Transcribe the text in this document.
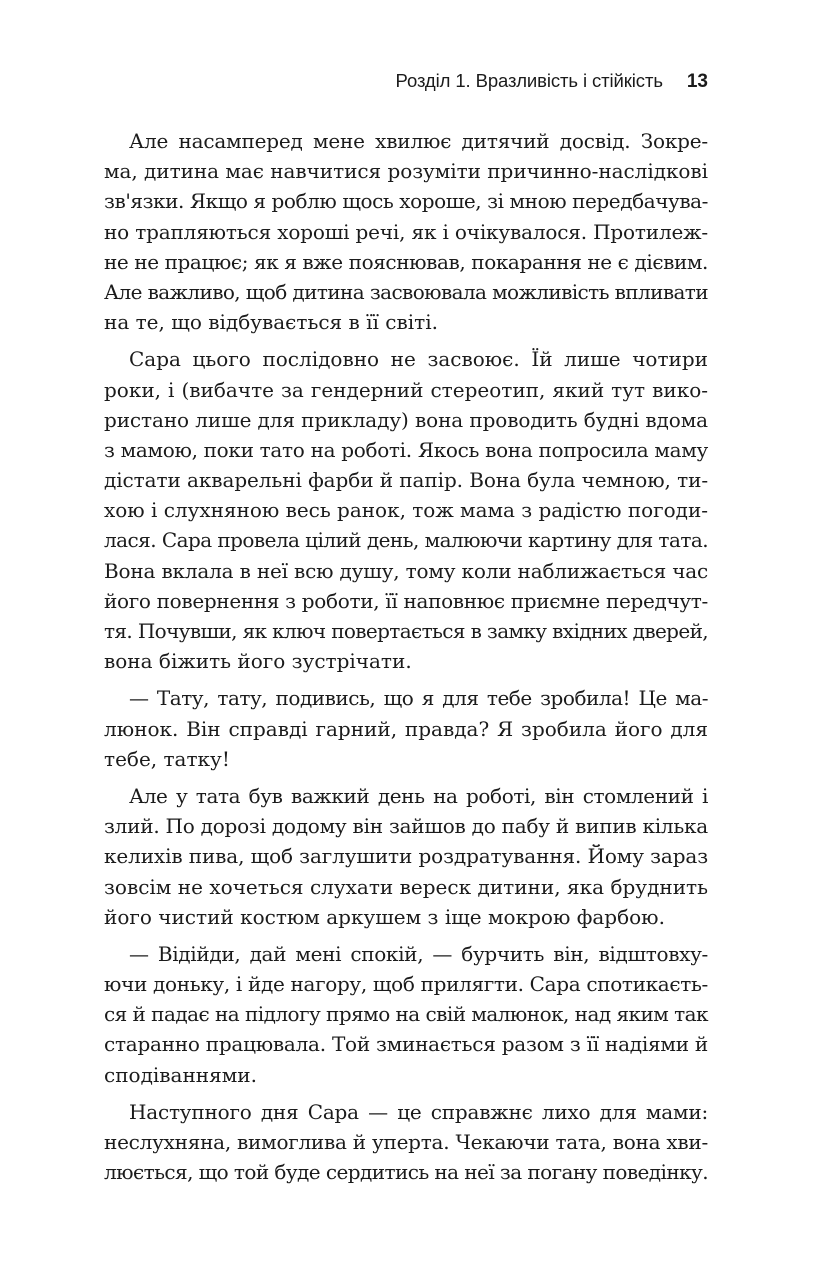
Розділ 1. Вразливість і стійкість 13
Але насамперед мене хвилює дитячий досвід. Зокре-
ма, дитина має навчитися розуміти причинно-наслідкові
зв'язки. Якщо я роблю щось хороше, зі мною передбачува-
но трапляються хороші речі, як і очікувалося. Протилеж-
не не працює; як я вже пояснював, покарання не є дієвим.
Але важливо, щоб дитина засвоювала можливість впливати
на те, що відбувається в її світі.
Сара цього послідовно не засвоює. Їй лише чотири
роки, і (вибачте за гендерний стереотип, який тут вико-
ристано лише для прикладу) вона проводить будні вдома
з мамою, поки тато на роботі. Якось вона попросила маму
дістати акварельні фарби й папір. Вона була чемною, ти-
хою і слухняною весь ранок, тож мама з радістю погоди-
лася. Сара провела цілий день, малюючи картину для тата.
Вона вклала в неї всю душу, тому коли наближається час
його повернення з роботи, її наповнює приємне передчут-
тя. Почувши, як ключ повертається в замку вхідних дверей,
вона біжить його зустрічати.
— Тату, тату, подивись, що я для тебе зробила! Це ма-
люнок. Він справді гарний, правда? Я зробила його для
тебе, татку!
Але у тата був важкий день на роботі, він стомлений і
злий. По дорозі додому він зайшов до пабу й випив кілька
келихів пива, щоб заглушити роздратування. Йому зараз
зовсім не хочеться слухати вереск дитини, яка бруднить
його чистий костюм аркушем з іще мокрою фарбою.
— Відійди, дай мені спокій, — бурчить він, відштовху-
ючи доньку, і йде нагору, щоб прилягти. Сара спотикаєть-
ся й падає на підлогу прямо на свій малюнок, над яким так
старанно працювала. Той зминається разом з її надіями й
сподіваннями.
Наступного дня Сара — це справжнє лихо для мами:
неслухняна, вимоглива й уперта. Чекаючи тата, вона хви-
люється, що той буде сердитись на неї за погану поведінку.
